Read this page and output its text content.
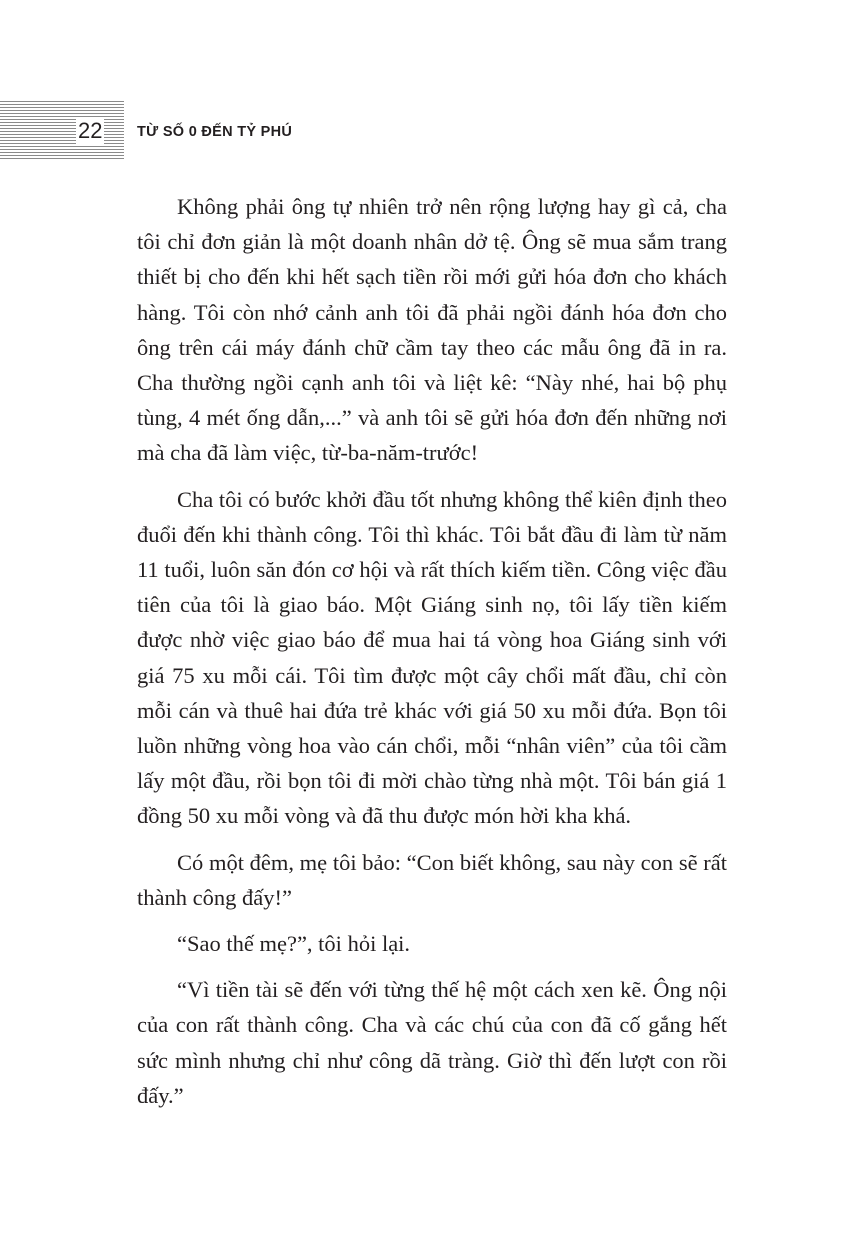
22 TỪ SỐ 0 ĐẾN TỶ PHÚ

Không phải ông tự nhiên trở nên rộng lượng hay gì cả, cha tôi chỉ đơn giản là một doanh nhân dở tệ. Ông sẽ mua sắm trang thiết bị cho đến khi hết sạch tiền rồi mới gửi hóa đơn cho khách hàng. Tôi còn nhớ cảnh anh tôi đã phải ngồi đánh hóa đơn cho ông trên cái máy đánh chữ cầm tay theo các mẫu ông đã in ra. Cha thường ngồi cạnh anh tôi và liệt kê: “Này nhé, hai bộ phụ tùng, 4 mét ống dẫn,...” và anh tôi sẽ gửi hóa đơn đến những nơi mà cha đã làm việc, từ-ba-năm-trước!

Cha tôi có bước khởi đầu tốt nhưng không thể kiên định theo đuổi đến khi thành công. Tôi thì khác. Tôi bắt đầu đi làm từ năm 11 tuổi, luôn săn đón cơ hội và rất thích kiếm tiền. Công việc đầu tiên của tôi là giao báo. Một Giáng sinh nọ, tôi lấy tiền kiếm được nhờ việc giao báo để mua hai tá vòng hoa Giáng sinh với giá 75 xu mỗi cái. Tôi tìm được một cây chổi mất đầu, chỉ còn mỗi cán và thuê hai đứa trẻ khác với giá 50 xu mỗi đứa. Bọn tôi luồn những vòng hoa vào cán chổi, mỗi “nhân viên” của tôi cầm lấy một đầu, rồi bọn tôi đi mời chào từng nhà một. Tôi bán giá 1 đồng 50 xu mỗi vòng và đã thu được món hời kha khá.

Có một đêm, mẹ tôi bảo: “Con biết không, sau này con sẽ rất thành công đấy!”

“Sao thế mẹ?”, tôi hỏi lại.

“Vì tiền tài sẽ đến với từng thế hệ một cách xen kẽ. Ông nội của con rất thành công. Cha và các chú của con đã cố gắng hết sức mình nhưng chỉ như công dã tràng. Giờ thì đến lượt con rồi đấy.”
